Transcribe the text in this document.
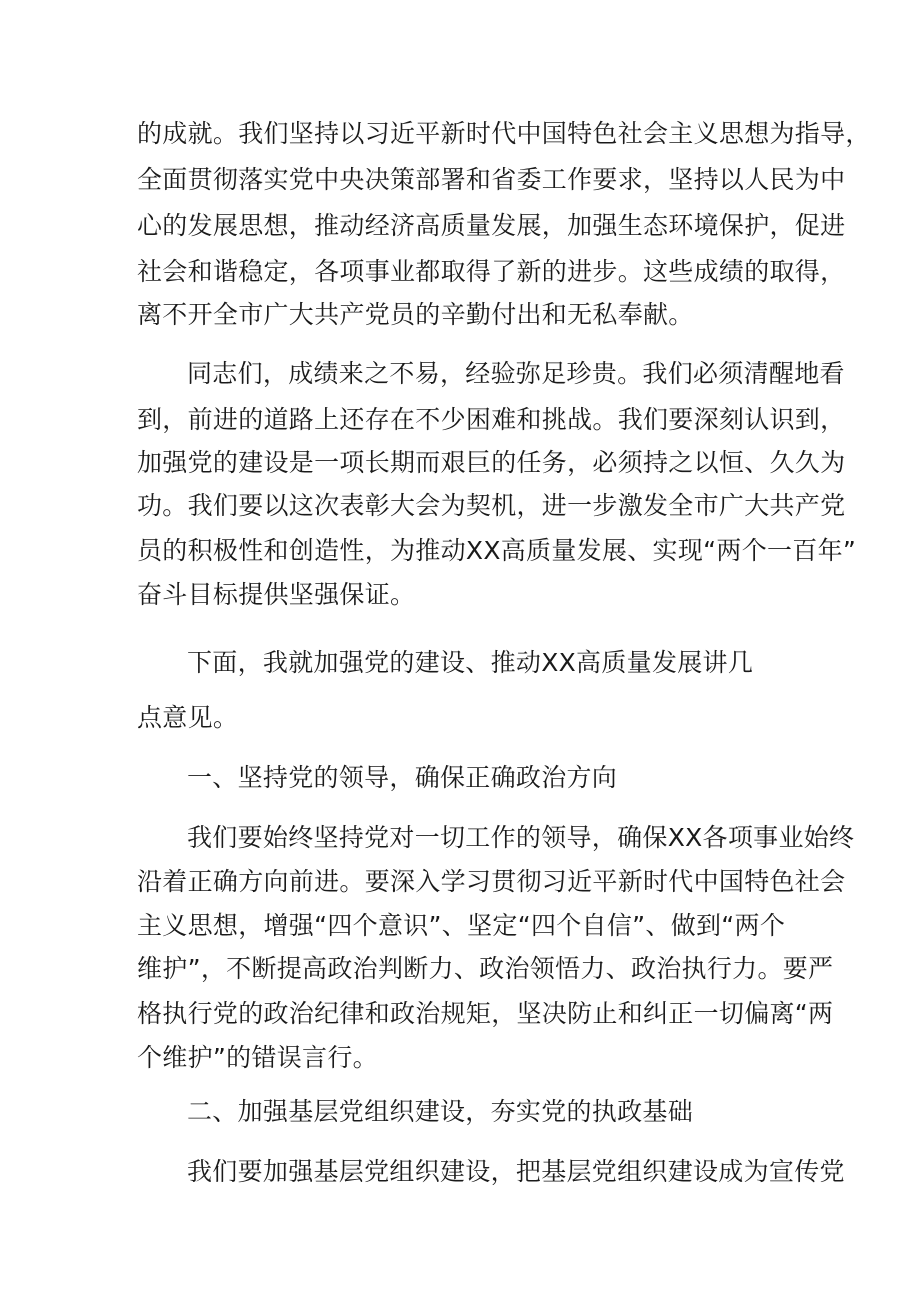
的成就。我们坚持以习近平新时代中国特色社会主义思想为指导，
全面贯彻落实党中央决策部署和省委工作要求，坚持以人民为中
心的发展思想，推动经济高质量发展，加强生态环境保护，促进
社会和谐稳定，各项事业都取得了新的进步。这些成绩的取得，
离不开全市广大共产党员的辛勤付出和无私奉献。
同志们，成绩来之不易，经验弥足珍贵。我们必须清醒地看
到，前进的道路上还存在不少困难和挑战。我们要深刻认识到，
加强党的建设是一项长期而艰巨的任务，必须持之以恒、久久为
功。我们要以这次表彰大会为契机，进一步激发全市广大共产党
员的积极性和创造性，为推动XX高质量发展、实现“两个一百年”
奋斗目标提供坚强保证。
下面，我就加强党的建设、推动XX高质量发展讲几
点意见。
一、坚持党的领导，确保正确政治方向
我们要始终坚持党对一切工作的领导，确保XX各项事业始终
沿着正确方向前进。要深入学习贯彻习近平新时代中国特色社会
主义思想，增强“四个意识”、坚定“四个自信”、做到“两个
维护”，不断提高政治判断力、政治领悟力、政治执行力。要严
格执行党的政治纪律和政治规矩，坚决防止和纠正一切偏离“两
个维护”的错误言行。
二、加强基层党组织建设，夯实党的执政基础
我们要加强基层党组织建设，把基层党组织建设成为宣传党
